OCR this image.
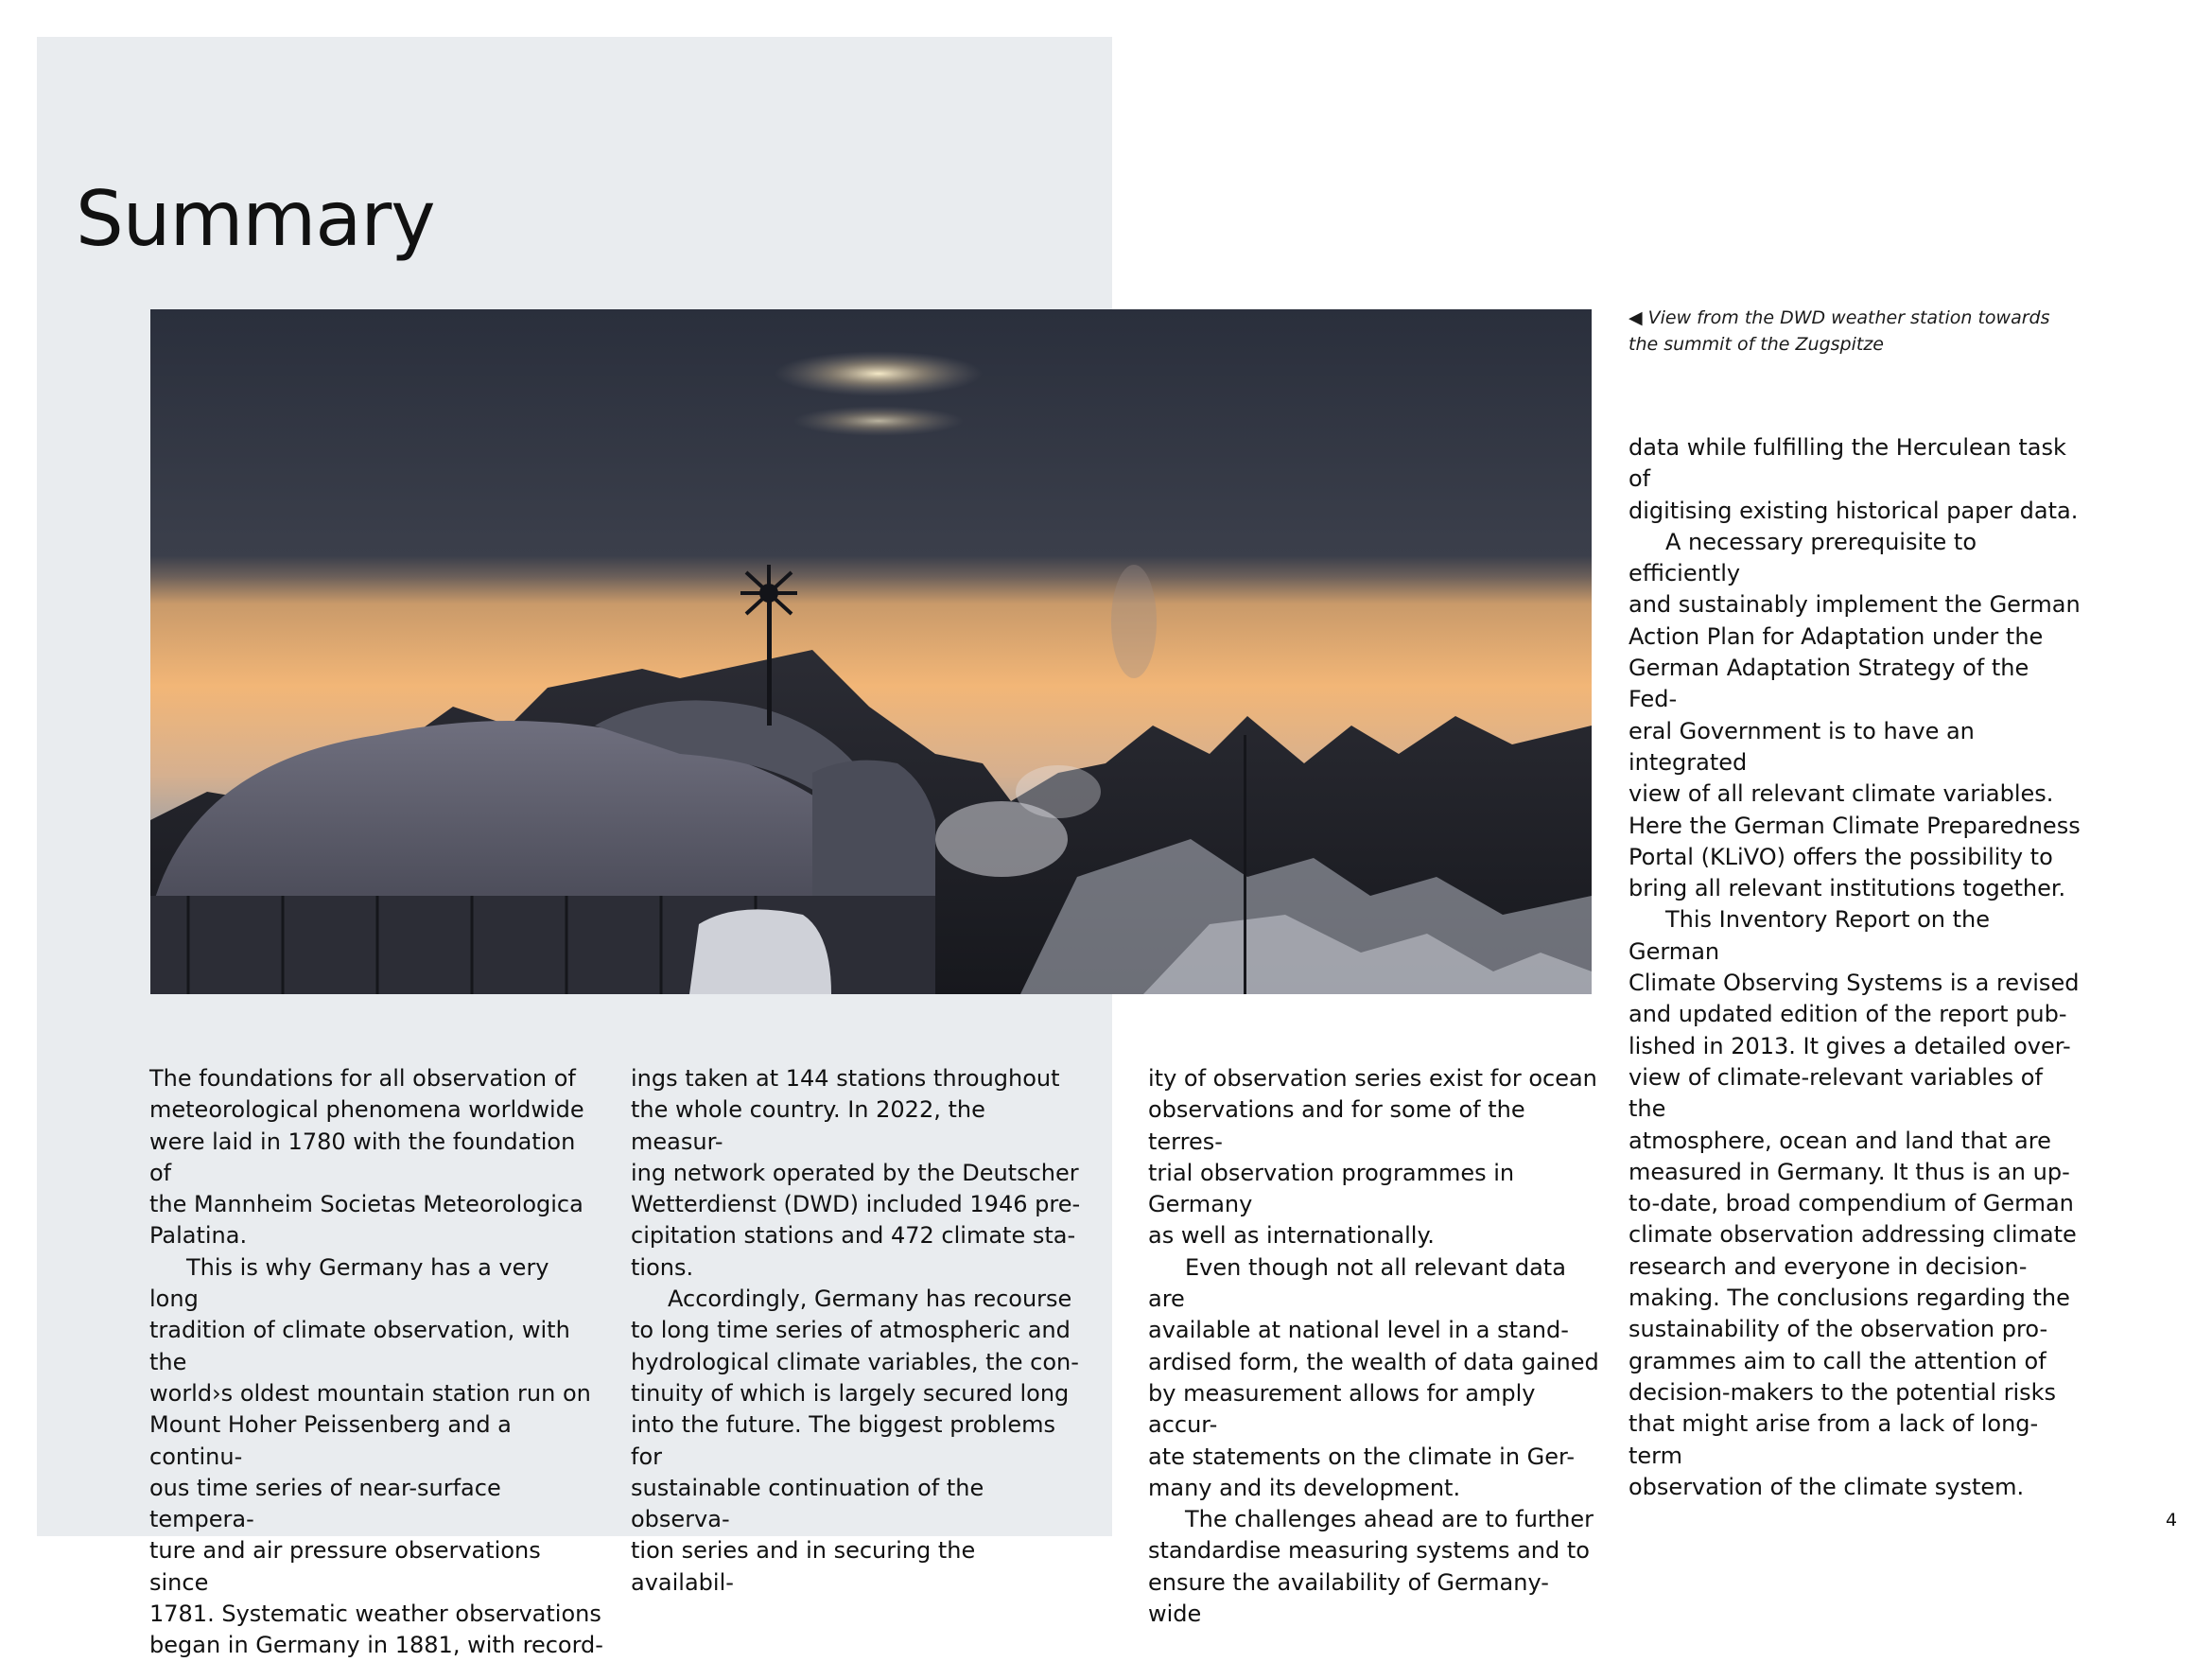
Summary
◀ View from the DWD weather station towards the summit of the Zugspitze

The foundations for all observation of
meteorological phenomena worldwide
were laid in 1780 with the foundation of
the Mannheim Societas Meteorologica
Palatina.

This is why Germany has a very long
tradition of climate observation, with the
world›s oldest mountain station run on
Mount Hoher Peissenberg and a continu-
ous time series of near-surface tempera-
ture and air pressure observations since
1781. Systematic weather observations
began in Germany in 1881, with record-

ings taken at 144 stations throughout
the whole country. In 2022, the measur-
ing network operated by the Deutscher
Wetterdienst (DWD) included 1946 pre-
cipitation stations and 472 climate sta-
tions.

Accordingly, Germany has recourse
to long time series of atmospheric and
hydrological climate variables, the con-
tinuity of which is largely secured long
into the future. The biggest problems for
sustainable continuation of the observa-
tion series and in securing the availabil-

ity of observation series exist for ocean
observations and for some of the terres-
trial observation programmes in Germany
as well as internationally.

Even though not all relevant data are
available at national level in a stand-
ardised form, the wealth of data gained
by measurement allows for amply accur-
ate statements on the climate in Ger-
many and its development.

The challenges ahead are to further
standardise measuring systems and to
ensure the availability of Germany-wide

data while fulfilling the Herculean task of
digitising existing historical paper data.

A necessary prerequisite to efficiently
and sustainably implement the German
Action Plan for Adaptation under the
German Adaptation Strategy of the Fed-
eral Government is to have an integrated
view of all relevant climate variables.
Here the German Climate Preparedness
Portal (KLiVO) offers the possibility to
bring all relevant institutions together.

This Inventory Report on the German
Climate Observing Systems is a revised
and updated edition of the report pub-
lished in 2013. It gives a detailed over-
view of climate-relevant variables of the
atmosphere, ocean and land that are
measured in Germany. It thus is an up-
to-date, broad compendium of German
climate observation addressing climate
research and everyone in decision-
making. The conclusions regarding the
sustainability of the observation pro-
grammes aim to call the attention of
decision-makers to the potential risks
that might arise from a lack of long-term
observation of the climate system.

4
